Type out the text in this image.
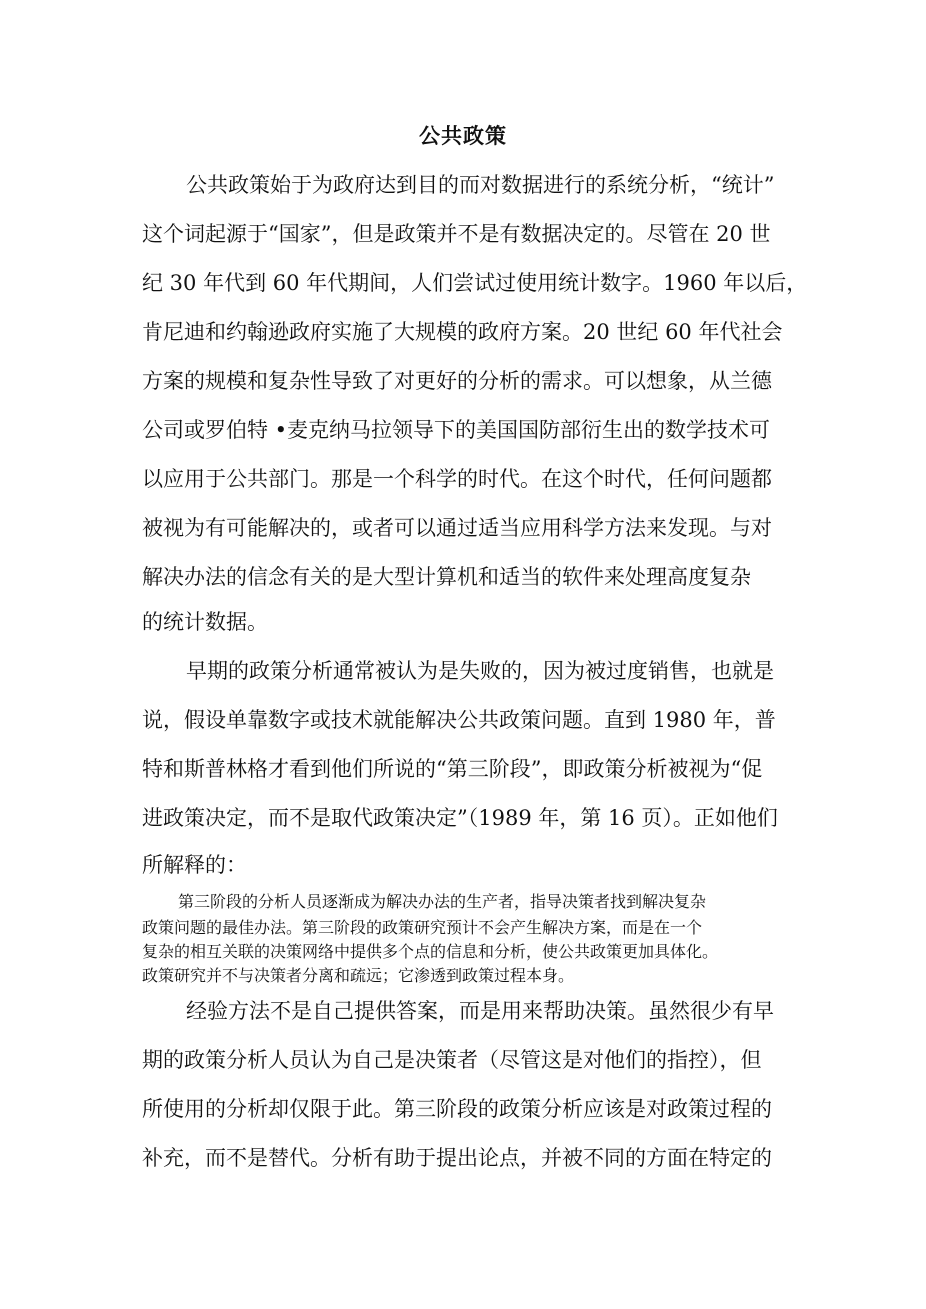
公共政策
公共政策始于为政府达到目的而对数据进行的系统分析，“统计”
这个词起源于“国家”，但是政策并不是有数据决定的。尽管在 20 世
纪 30 年代到 60 年代期间，人们尝试过使用统计数字。1960 年以后，
肯尼迪和约翰逊政府实施了大规模的政府方案。20 世纪 60 年代社会
方案的规模和复杂性导致了对更好的分析的需求。可以想象，从兰德
公司或罗伯特 •麦克纳马拉领导下的美国国防部衍生出的数学技术可
以应用于公共部门。那是一个科学的时代。在这个时代，任何问题都
被视为有可能解决的，或者可以通过适当应用科学方法来发现。与对
解决办法的信念有关的是大型计算机和适当的软件来处理高度复杂
的统计数据。
早期的政策分析通常被认为是失败的，因为被过度销售，也就是
说，假设单靠数字或技术就能解决公共政策问题。直到 1980 年，普
特和斯普林格才看到他们所说的“第三阶段”，即政策分析被视为“促
进政策决定，而不是取代政策决定”（1989 年，第 16 页）。正如他们
所解释的：
第三阶段的分析人员逐渐成为解决办法的生产者，指导决策者找到解决复杂
政策问题的最佳办法。第三阶段的政策研究预计不会产生解决方案，而是在一个
复杂的相互关联的决策网络中提供多个点的信息和分析，使公共政策更加具体化。
政策研究并不与决策者分离和疏远；它渗透到政策过程本身。
经验方法不是自己提供答案，而是用来帮助决策。虽然很少有早
期的政策分析人员认为自己是决策者（尽管这是对他们的指控），但
所使用的分析却仅限于此。第三阶段的政策分析应该是对政策过程的
补充，而不是替代。分析有助于提出论点，并被不同的方面在特定的
